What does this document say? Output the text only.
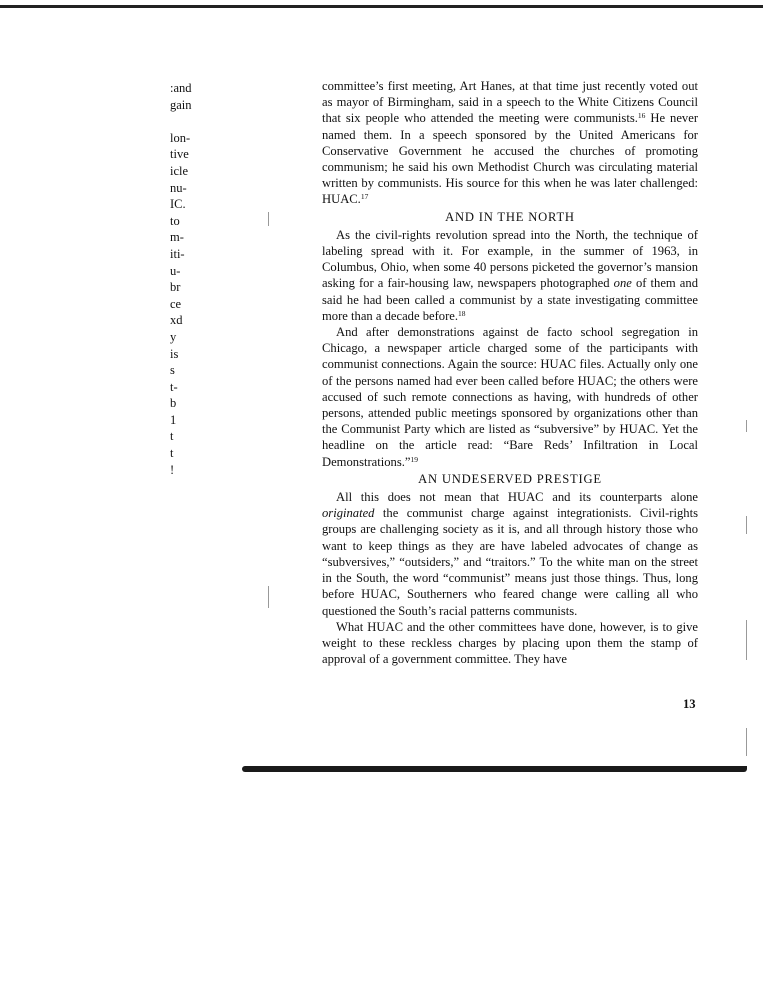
:and
gain
lon-
tive
icle
nu-
IC.
to
m-
iti-
u-
br
ce
xd
y
is
s
t-
b
1
t
t
!

committee’s first meeting, Art Hanes, at that time just recently voted out as mayor of Birmingham, said in a speech to the White Citizens Council that six people who attended the meeting were communists.$^{16}$ He never named them. In a speech sponsored by the United Americans for Conservative Government he accused the churches of promoting communism; he said his own Methodist Church was circulating material written by communists. His source for this when he was later challenged: HUAC.$^{17}$

AND IN THE NORTH

As the civil-rights revolution spread into the North, the technique of labeling spread with it. For example, in the summer of 1963, in Columbus, Ohio, when some 40 persons picketed the governor’s mansion asking for a fair-housing law, newspapers photographed one of them and said he had been called a communist by a state investigating committee more than a decade before.$^{18}$

And after demonstrations against de facto school segregation in Chicago, a newspaper article charged some of the participants with communist connections. Again the source: HUAC files. Actually only one of the persons named had ever been called before HUAC; the others were accused of such remote connections as having, with hundreds of other persons, attended public meetings sponsored by organizations other than the Communist Party which are listed as “subversive” by HUAC. Yet the headline on the article read: “Bare Reds’ Infiltration in Local Demonstrations.”$^{19}$

AN UNDESERVED PRESTIGE

All this does not mean that HUAC and its counterparts alone originated the communist charge against integrationists. Civil-rights groups are challenging society as it is, and all through history those who want to keep things as they are have labeled advocates of change as “subversives,” “outsiders,” and “traitors.” To the white man on the street in the South, the word “communist” means just those things. Thus, long before HUAC, Southerners who feared change were calling all who questioned the South’s racial patterns communists.

What HUAC and the other committees have done, however, is to give weight to these reckless charges by placing upon them the stamp of approval of a government committee. They have

13
